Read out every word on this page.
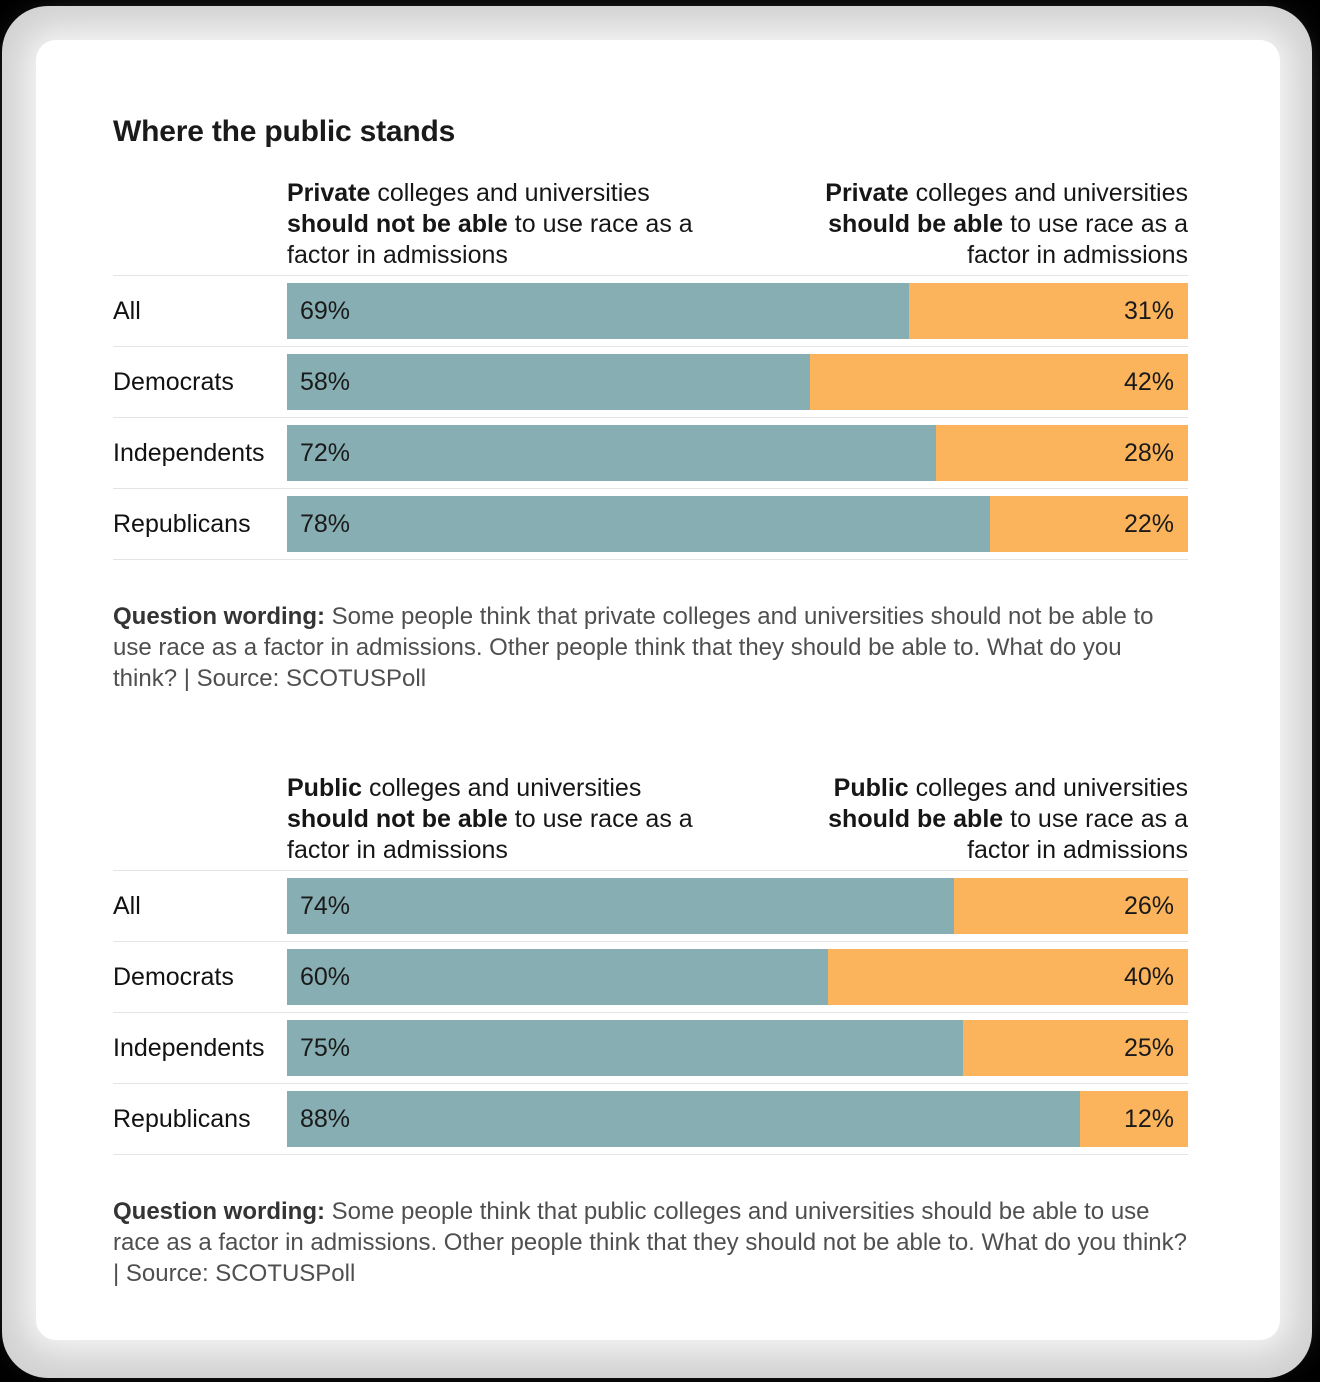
Where the public stands
Private colleges and universities should not be able to use race as a factor in admissions
Private colleges and universities should be able to use race as a factor in admissions
All	69%	31%
Democrats	58%	42%
Independents	72%	28%
Republicans	78%	22%

Question wording: Some people think that private colleges and universities should not be able to use race as a factor in admissions. Other people think that they should be able to. What do you think? | Source: SCOTUSPoll

Public colleges and universities should not be able to use race as a factor in admissions
Public colleges and universities should be able to use race as a factor in admissions
All	74%	26%
Democrats	60%	40%
Independents	75%	25%
Republicans	88%	12%

Question wording: Some people think that public colleges and universities should be able to use race as a factor in admissions. Other people think that they should not be able to. What do you think? | Source: SCOTUSPoll
